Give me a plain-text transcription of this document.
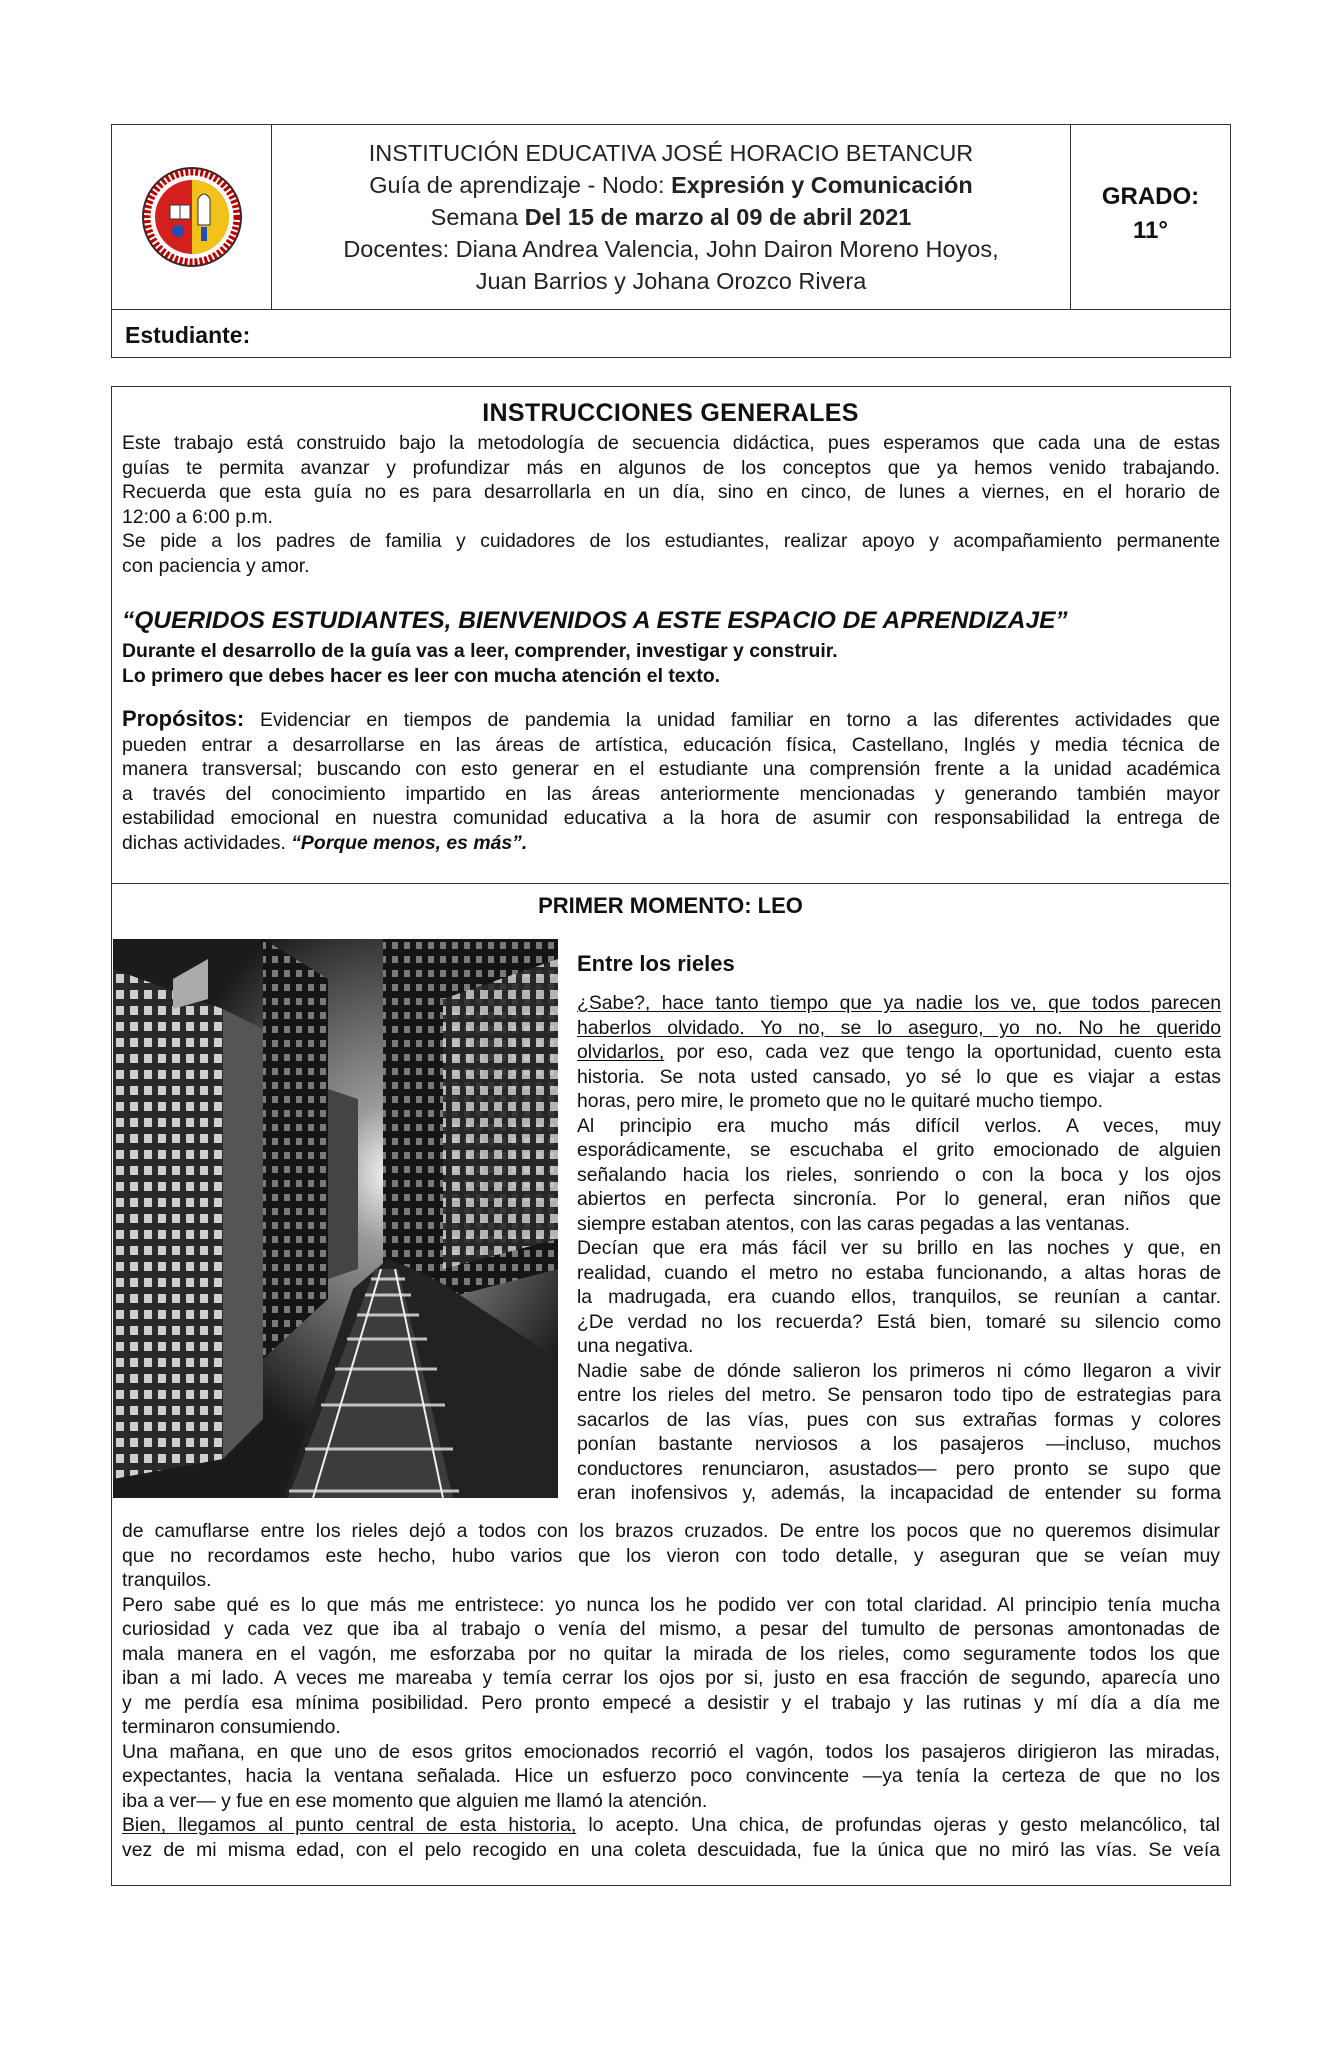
INSTITUCIÓN EDUCATIVA JOSÉ HORACIO BETANCUR
Guía de aprendizaje - Nodo: Expresión y Comunicación
Semana Del 15 de marzo al 09 de abril 2021
Docentes: Diana Andrea Valencia, John Dairon Moreno Hoyos,
Juan Barrios y Johana Orozco Rivera
GRADO:
11°
Estudiante:
INSTRUCCIONES GENERALES
Este trabajo está construido bajo la metodología de secuencia didáctica, pues esperamos que cada una de estas
guías te permita avanzar y profundizar más en algunos de los conceptos que ya hemos venido trabajando.
Recuerda que esta guía no es para desarrollarla en un día, sino en cinco, de lunes a viernes, en el horario de
12:00 a 6:00 p.m.
Se pide a los padres de familia y cuidadores de los estudiantes, realizar apoyo y acompañamiento permanente
con paciencia y amor.
“QUERIDOS ESTUDIANTES, BIENVENIDOS A ESTE ESPACIO DE APRENDIZAJE”
Durante el desarrollo de la guía vas a leer, comprender, investigar y construir.
Lo primero que debes hacer es leer con mucha atención el texto.
Propósitos: Evidenciar en tiempos de pandemia la unidad familiar en torno a las diferentes actividades que
pueden entrar a desarrollarse en las áreas de artística, educación física, Castellano, Inglés y media técnica de
manera transversal; buscando con esto generar en el estudiante una comprensión frente a la unidad académica
a través del conocimiento impartido en las áreas anteriormente mencionadas y generando también mayor
estabilidad emocional en nuestra comunidad educativa a la hora de asumir con responsabilidad la entrega de
dichas actividades. “Porque menos, es más”.
PRIMER MOMENTO: LEO
Entre los rieles
¿Sabe?, hace tanto tiempo que ya nadie los ve, que todos parecen
haberlos olvidado. Yo no, se lo aseguro, yo no. No he querido
olvidarlos, por eso, cada vez que tengo la oportunidad, cuento esta
historia. Se nota usted cansado, yo sé lo que es viajar a estas
horas, pero mire, le prometo que no le quitaré mucho tiempo.
Al principio era mucho más difícil verlos. A veces, muy
esporádicamente, se escuchaba el grito emocionado de alguien
señalando hacia los rieles, sonriendo o con la boca y los ojos
abiertos en perfecta sincronía. Por lo general, eran niños que
siempre estaban atentos, con las caras pegadas a las ventanas.
Decían que era más fácil ver su brillo en las noches y que, en
realidad, cuando el metro no estaba funcionando, a altas horas de
la madrugada, era cuando ellos, tranquilos, se reunían a cantar.
¿De verdad no los recuerda? Está bien, tomaré su silencio como
una negativa.
Nadie sabe de dónde salieron los primeros ni cómo llegaron a vivir
entre los rieles del metro. Se pensaron todo tipo de estrategias para
sacarlos de las vías, pues con sus extrañas formas y colores
ponían bastante nerviosos a los pasajeros —incluso, muchos
conductores renunciaron, asustados— pero pronto se supo que
eran inofensivos y, además, la incapacidad de entender su forma
de camuflarse entre los rieles dejó a todos con los brazos cruzados. De entre los pocos que no queremos disimular
que no recordamos este hecho, hubo varios que los vieron con todo detalle, y aseguran que se veían muy
tranquilos.
Pero sabe qué es lo que más me entristece: yo nunca los he podido ver con total claridad. Al principio tenía mucha
curiosidad y cada vez que iba al trabajo o venía del mismo, a pesar del tumulto de personas amontonadas de
mala manera en el vagón, me esforzaba por no quitar la mirada de los rieles, como seguramente todos los que
iban a mi lado. A veces me mareaba y temía cerrar los ojos por si, justo en esa fracción de segundo, aparecía uno
y me perdía esa mínima posibilidad. Pero pronto empecé a desistir y el trabajo y las rutinas y mí día a día me
terminaron consumiendo.
Una mañana, en que uno de esos gritos emocionados recorrió el vagón, todos los pasajeros dirigieron las miradas,
expectantes, hacia la ventana señalada. Hice un esfuerzo poco convincente —ya tenía la certeza de que no los
iba a ver— y fue en ese momento que alguien me llamó la atención.
Bien, llegamos al punto central de esta historia, lo acepto. Una chica, de profundas ojeras y gesto melancólico, tal
vez de mi misma edad, con el pelo recogido en una coleta descuidada, fue la única que no miró las vías. Se veía
